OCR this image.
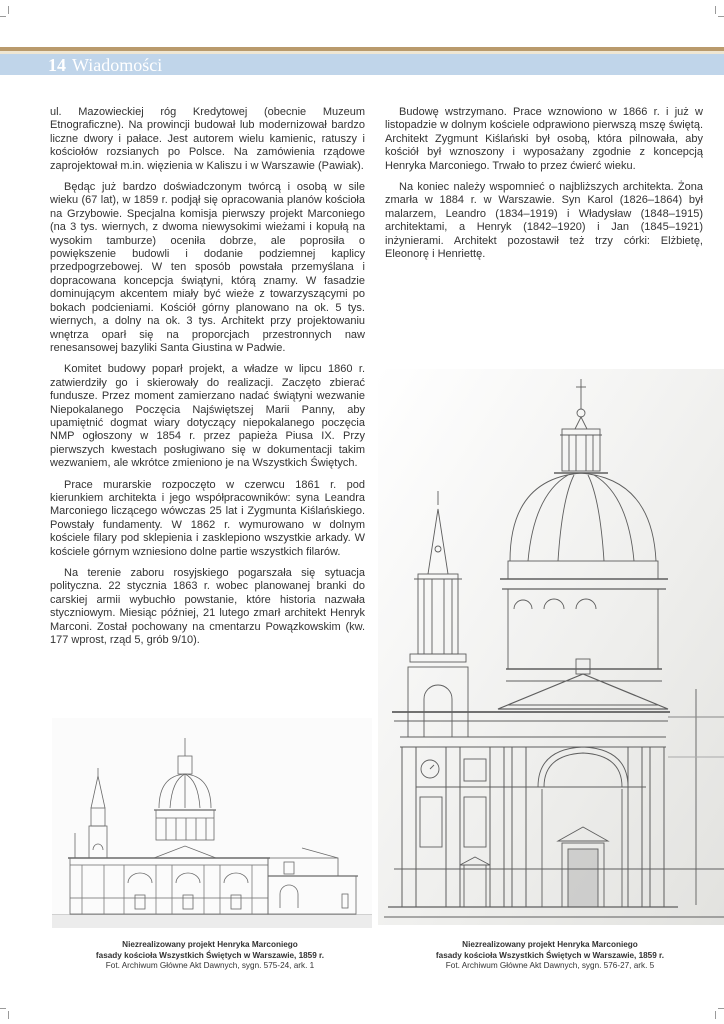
14 Wiadomości

ul. Mazowieckiej róg Kredytowej (obecnie Muzeum Etnograficzne). Na prowincji budował lub modernizował bardzo liczne dwory i pałace. Jest autorem wielu kamienic, ratuszy i kościołów rozsianych po Polsce. Na zamówienia rządowe zaprojektował m.in. więzienia w Kaliszu i w Warszawie (Pawiak).

Będąc już bardzo doświadczonym twórcą i osobą w sile wieku (67 lat), w 1859 r. podjął się opracowania planów kościoła na Grzybowie. Specjalna komisja pierwszy projekt Marconiego (na 3 tys. wiernych, z dwoma niewysokimi wieżami i kopułą na wysokim tamburze) oceniła dobrze, ale poprosiła o powiększenie budowli i dodanie podziemnej kaplicy przedpogrzebowej. W ten sposób powstała przemyślana i dopracowana koncepcja świątyni, którą znamy. W fasadzie dominującym akcentem miały być wieże z towarzyszącymi po bokach podcieniami. Kościół górny planowano na ok. 5 tys. wiernych, a dolny na ok. 3 tys. Architekt przy projektowaniu wnętrza oparł się na proporcjach przestronnych naw renesansowej bazyliki Santa Giustina w Padwie.

Komitet budowy poparł projekt, a władze w lipcu 1860 r. zatwierdziły go i skierowały do realizacji. Zaczęto zbierać fundusze. Przez moment zamierzano nadać świątyni wezwanie Niepokalanego Poczęcia Najświętszej Marii Panny, aby upamiętnić dogmat wiary dotyczący niepokalanego poczęcia NMP ogłoszony w 1854 r. przez papieża Piusa IX. Przy pierwszych kwestach posługiwano się w dokumentacji takim wezwaniem, ale wkrótce zmieniono je na Wszystkich Świętych.

Prace murarskie rozpoczęto w czerwcu 1861 r. pod kierunkiem architekta i jego współpracowników: syna Leandra Marconiego liczącego wówczas 25 lat i Zygmunta Kiślańskiego. Powstały fundamenty. W 1862 r. wymurowano w dolnym kościele filary pod sklepienia i zasklepiono wszystkie arkady. W kościele górnym wzniesiono dolne partie wszystkich filarów.

Na terenie zaboru rosyjskiego pogarszała się sytuacja polityczna. 22 stycznia 1863 r. wobec planowanej branki do carskiej armii wybuchło powstanie, które historia nazwała styczniowym. Miesiąc później, 21 lutego zmarł architekt Henryk Marconi. Został pochowany na cmentarzu Powązkowskim (kw. 177 wprost, rząd 5, grób 9/10).

Budowę wstrzymano. Prace wznowiono w 1866 r. i już w listopadzie w dolnym kościele odprawiono pierwszą mszę świętą. Architekt Zygmunt Kiślański był osobą, która pilnowała, aby kościół był wznoszony i wyposażany zgodnie z koncepcją Henryka Marconiego. Trwało to przez ćwierć wieku.

Na koniec należy wspomnieć o najbliższych architekta. Żona zmarła w 1884 r. w Warszawie. Syn Karol (1826–1864) był malarzem, Leandro (1834–1919) i Władysław (1848–1915) architektami, a Henryk (1842–1920) i Jan (1845–1921) inżynierami. Architekt pozostawił też trzy córki: Elżbietę, Eleonorę i Henriettę.

Niezrealizowany projekt Henryka Marconiego
fasady kościoła Wszystkich Świętych w Warszawie, 1859 r.
Fot. Archiwum Główne Akt Dawnych, sygn. 575-24, ark. 1
Niezrealizowany projekt Henryka Marconiego
fasady kościoła Wszystkich Świętych w Warszawie, 1859 r.
Fot. Archiwum Główne Akt Dawnych, sygn. 576-27, ark. 5
